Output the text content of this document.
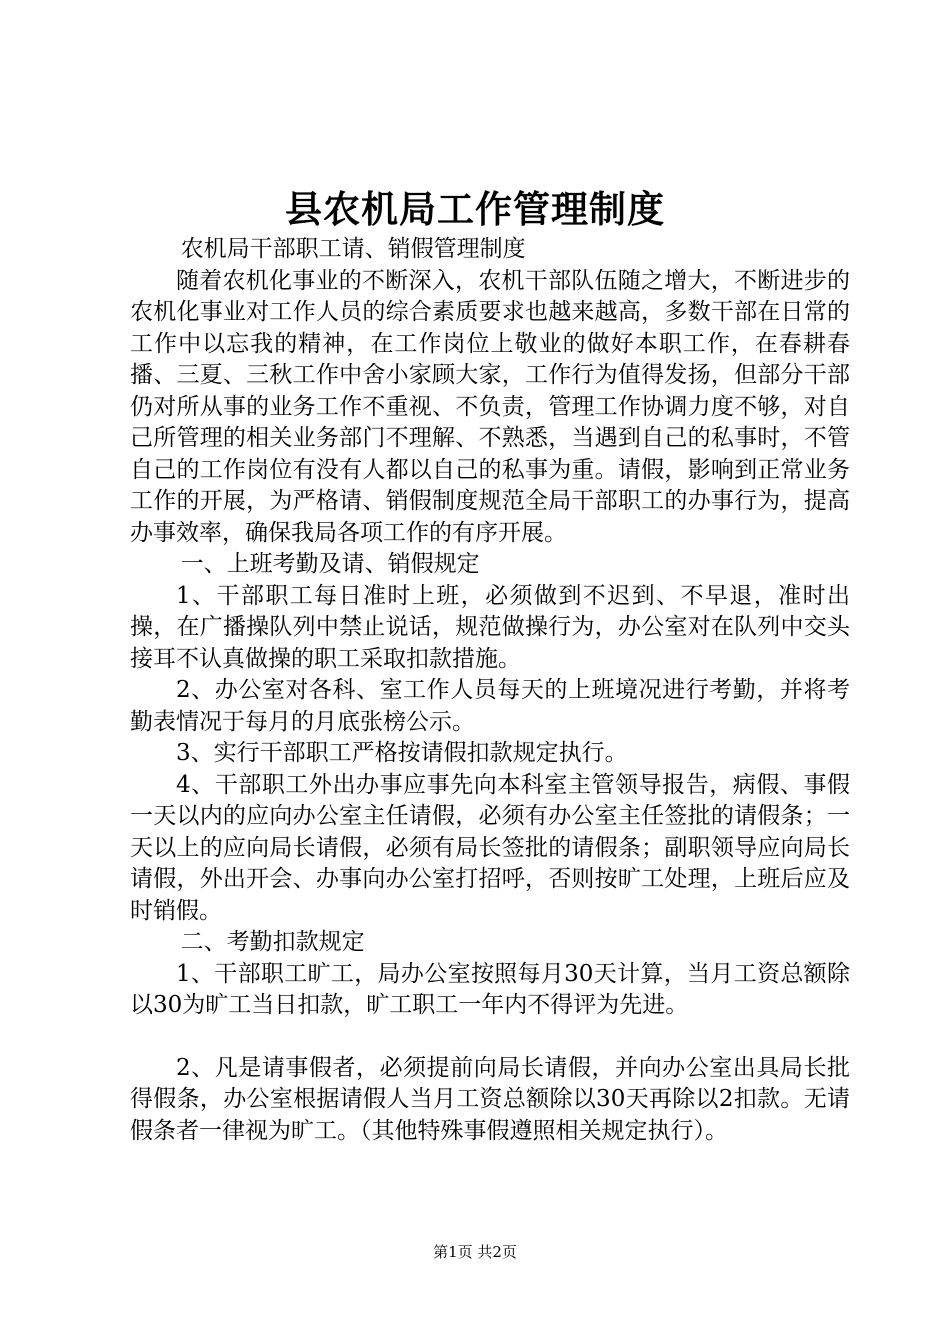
县农机局工作管理制度

农机局干部职工请、销假管理制度

随着农机化事业的不断深入，农机干部队伍随之增大，不断进步的农机化事业对工作人员的综合素质要求也越来越高，多数干部在日常的工作中以忘我的精神，在工作岗位上敬业的做好本职工作，在春耕春播、三夏、三秋工作中舍小家顾大家，工作行为值得发扬，但部分干部仍对所从事的业务工作不重视、不负责，管理工作协调力度不够，对自己所管理的相关业务部门不理解、不熟悉，当遇到自己的私事时，不管自己的工作岗位有没有人都以自己的私事为重。请假，影响到正常业务工作的开展，为严格请、销假制度规范全局干部职工的办事行为，提高办事效率，确保我局各项工作的有序开展。

一、上班考勤及请、销假规定

1、干部职工每日准时上班，必须做到不迟到、不早退，准时出操，在广播操队列中禁止说话，规范做操行为，办公室对在队列中交头接耳不认真做操的职工采取扣款措施。

2、办公室对各科、室工作人员每天的上班境况进行考勤，并将考勤表情况于每月的月底张榜公示。

3、实行干部职工严格按请假扣款规定执行。

4、干部职工外出办事应事先向本科室主管领导报告，病假、事假一天以内的应向办公室主任请假，必须有办公室主任签批的请假条；一天以上的应向局长请假，必须有局长签批的请假条；副职领导应向局长请假，外出开会、办事向办公室打招呼，否则按旷工处理，上班后应及时销假。

二、考勤扣款规定

1、干部职工旷工，局办公室按照每月30天计算，当月工资总额除以30为旷工当日扣款，旷工职工一年内不得评为先进。

2、凡是请事假者，必须提前向局长请假，并向办公室出具局长批得假条，办公室根据请假人当月工资总额除以30天再除以2扣款。无请假条者一律视为旷工。（其他特殊事假遵照相关规定执行）。

第1页 共2页
